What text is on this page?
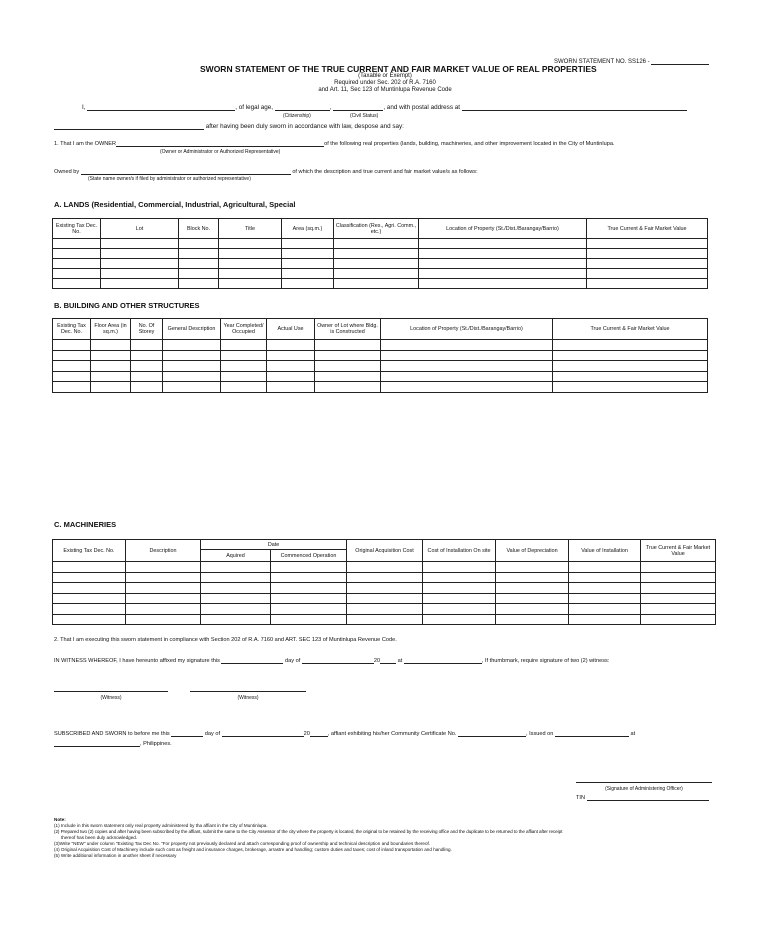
SWORN STATEMENT NO. SS126 -
SWORN STATEMENT OF THE TRUE CURRENT AND FAIR MARKET VALUE OF REAL PROPERTIES
(Taxable or Exempt)
Required under Sec. 202 of R.A. 7160
and Art. 11, Sec 123 of Muntinlupa Revenue Code
I,	, of legal age,	,	, and with postal address at
(Citizenship)	(Civil Status)
after having been duly sworn in accordance with law, despose and say:
1. That I am the OWNER	of the following real properties (lands, building, machineries, and other improvement located in the City of Muntinlupa.
(Owner or Administrator or Authorized Representative)
Owned by	of which the description and true current and fair market value/s as follows:
(State name owner/s if filed by administrator or authorized representative)
A. LANDS (Residential, Commercial, Industrial, Agricultural, Special
Existing Tax Dec. No.	Lot	Block No.	Title	Area (sq.m.)	Classification (Res., Agri. Comm., etc.)	Location of Property (St./Dist./Barangay/Barrio)	True Current & Fair Market Value

B. BUILDING AND OTHER STRUCTURES
Existing Tax Dec. No.	Floor Area (in sq.m.)	No. Of Storey	General Description	Year Completed/ Occupied	Actual Use	Owner of Lot where Bldg. is Constructed	Location of Property (St./Dist./Barangay/Barrio)	True Current & Fair Market Value

C. MACHINERIES
Existing Tax Dec. No.	Description	Date		Original Acquisition Cost	Cost of Installation On site	Value of Depreciation	Value of Installation	True Current & Fair Market Value
		Aquired	Commenced Operation					

2. That I am executing this sworn statement in compliance with Section 202 of R.A. 7160 and ART. SEC 123 of Muntinlupa Revenue Code.
IN WITNESS WHEREOF, I have hereunto affixed my signature this	day of	20	at	, If thumbmark, require signature of two (2) witness:
(Witness)	(Witness)
SUBSCRIBED AND SWORN to before me this	day of	20	, affiant exhibiting his/her Community Certificate No.	, Issued on	at
, Philippines.
(Signature of Administering Officer)
TIN
Note:
(1) Include in this sworn statement only real property administered by tha affiant in the City of Muntinlupa.
(2) Prepared two (2) copies and after having been subscribed by the affiant, submit the same to the City Assessor of the city where the property is located, the original to be retained by the receiving office and the duplicate to be returned to the affiant after receipt
thereof has been duly acknowledged.
(3)Write "NEW" under column "Existing Tax Dec No. "For property not previously declared and attach corresponding proof of ownership and technical description and boundaries thereof.
(4) Original Acquisition Cost of Machinery include such cost as freight and insurance charges, brokerage, arrastre and handling; custom duties and taxes; cost of inland transportation and handling.
(5) Write additional information in another sheet if necessary
